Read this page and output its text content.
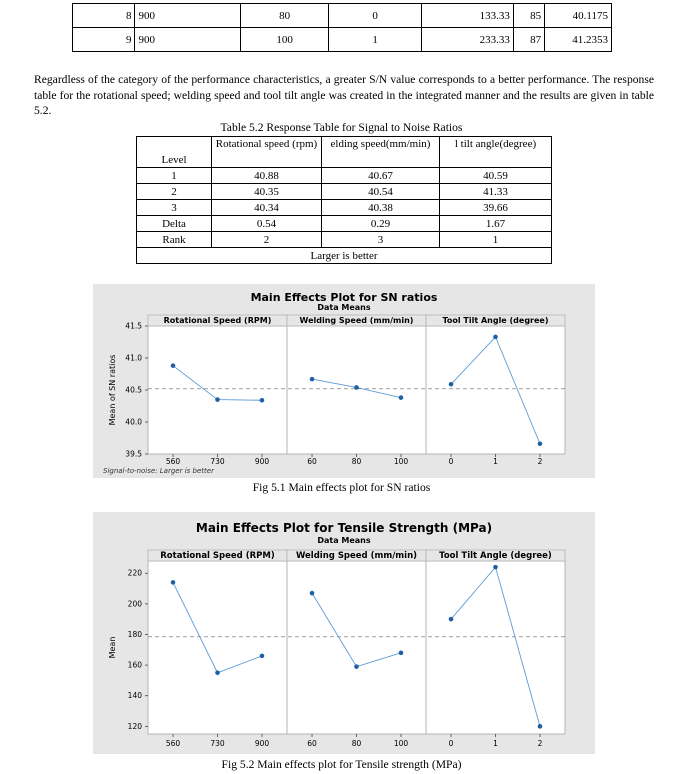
8	900	80	0	133.33	85	40.1175
9	900	100	1	233.33	87	41.2353

Regardless of the category of the performance characteristics, a greater S/N value corresponds to a better performance. The response table for the rotational speed; welding speed and tool tilt angle was created in the integrated manner and the results are given in table 5.2.

Table 5.2 Response Table for Signal to Noise Ratios
Level	Rotational speed (rpm)	elding speed(mm/min)	l tilt angle(degree)
1	40.88	40.67	40.59
2	40.35	40.54	41.33
3	40.34	40.38	39.66
Delta	0.54	0.29	1.67
Rank	2	3	1
Larger is better			
Main Effects Plot for SN ratios
Data Means
39.5
40.0
40.5
41.0
41.5
Mean of SN ratios
Rotational Speed (RPM)
560	730	900
Welding Speed (mm/min)
60	80	100
Tool Tilt Angle (degree)
0	1	2
Signal-to-noise: Larger is better
Fig 5.1 Main effects plot for SN ratios
Main Effects Plot for Tensile Strength (MPa)
Data Means
120
140
160
180
200
220
Mean
Rotational Speed (RPM)
560	730	900
Welding Speed (mm/min)
60	80	100
Tool Tilt Angle (degree)
0	1	2
Fig 5.2 Main effects plot for Tensile strength (MPa)
